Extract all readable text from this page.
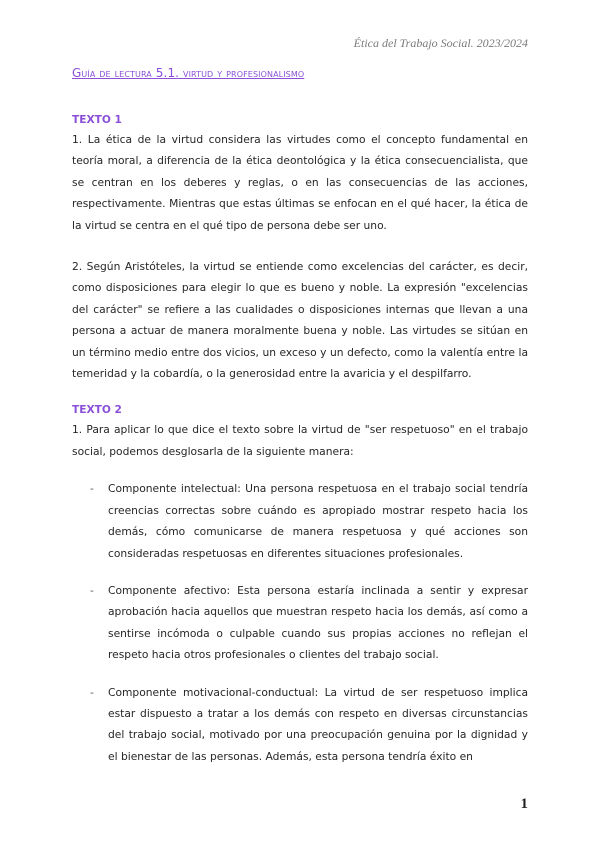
Ética del Trabajo Social. 2023/2024
Guía de lectura 5.1. virtud y profesionalismo
TEXTO 1

1. La ética de la virtud considera las virtudes como el concepto fundamental en teoría moral, a diferencia de la ética deontológica y la ética consecuencialista, que se centran en los deberes y reglas, o en las consecuencias de las acciones, respectivamente. Mientras que estas últimas se enfocan en el qué hacer, la ética de la virtud se centra en el qué tipo de persona debe ser uno.

2. Según Aristóteles, la virtud se entiende como excelencias del carácter, es decir, como disposiciones para elegir lo que es bueno y noble. La expresión "excelencias del carácter" se refiere a las cualidades o disposiciones internas que llevan a una persona a actuar de manera moralmente buena y noble. Las virtudes se sitúan en un término medio entre dos vicios, un exceso y un defecto, como la valentía entre la temeridad y la cobardía, o la generosidad entre la avaricia y el despilfarro.

TEXTO 2

1. Para aplicar lo que dice el texto sobre la virtud de "ser respetuoso" en el trabajo social, podemos desglosarla de la siguiente manera:

- Componente intelectual: Una persona respetuosa en el trabajo social tendría creencias correctas sobre cuándo es apropiado mostrar respeto hacia los demás, cómo comunicarse de manera respetuosa y qué acciones son consideradas respetuosas en diferentes situaciones profesionales.
- Componente afectivo: Esta persona estaría inclinada a sentir y expresar aprobación hacia aquellos que muestran respeto hacia los demás, así como a sentirse incómoda o culpable cuando sus propias acciones no reflejan el respeto hacia otros profesionales o clientes del trabajo social.
- Componente motivacional-conductual: La virtud de ser respetuoso implica estar dispuesto a tratar a los demás con respeto en diversas circunstancias del trabajo social, motivado por una preocupación genuina por la dignidad y el bienestar de las personas. Además, esta persona tendría éxito en
1
